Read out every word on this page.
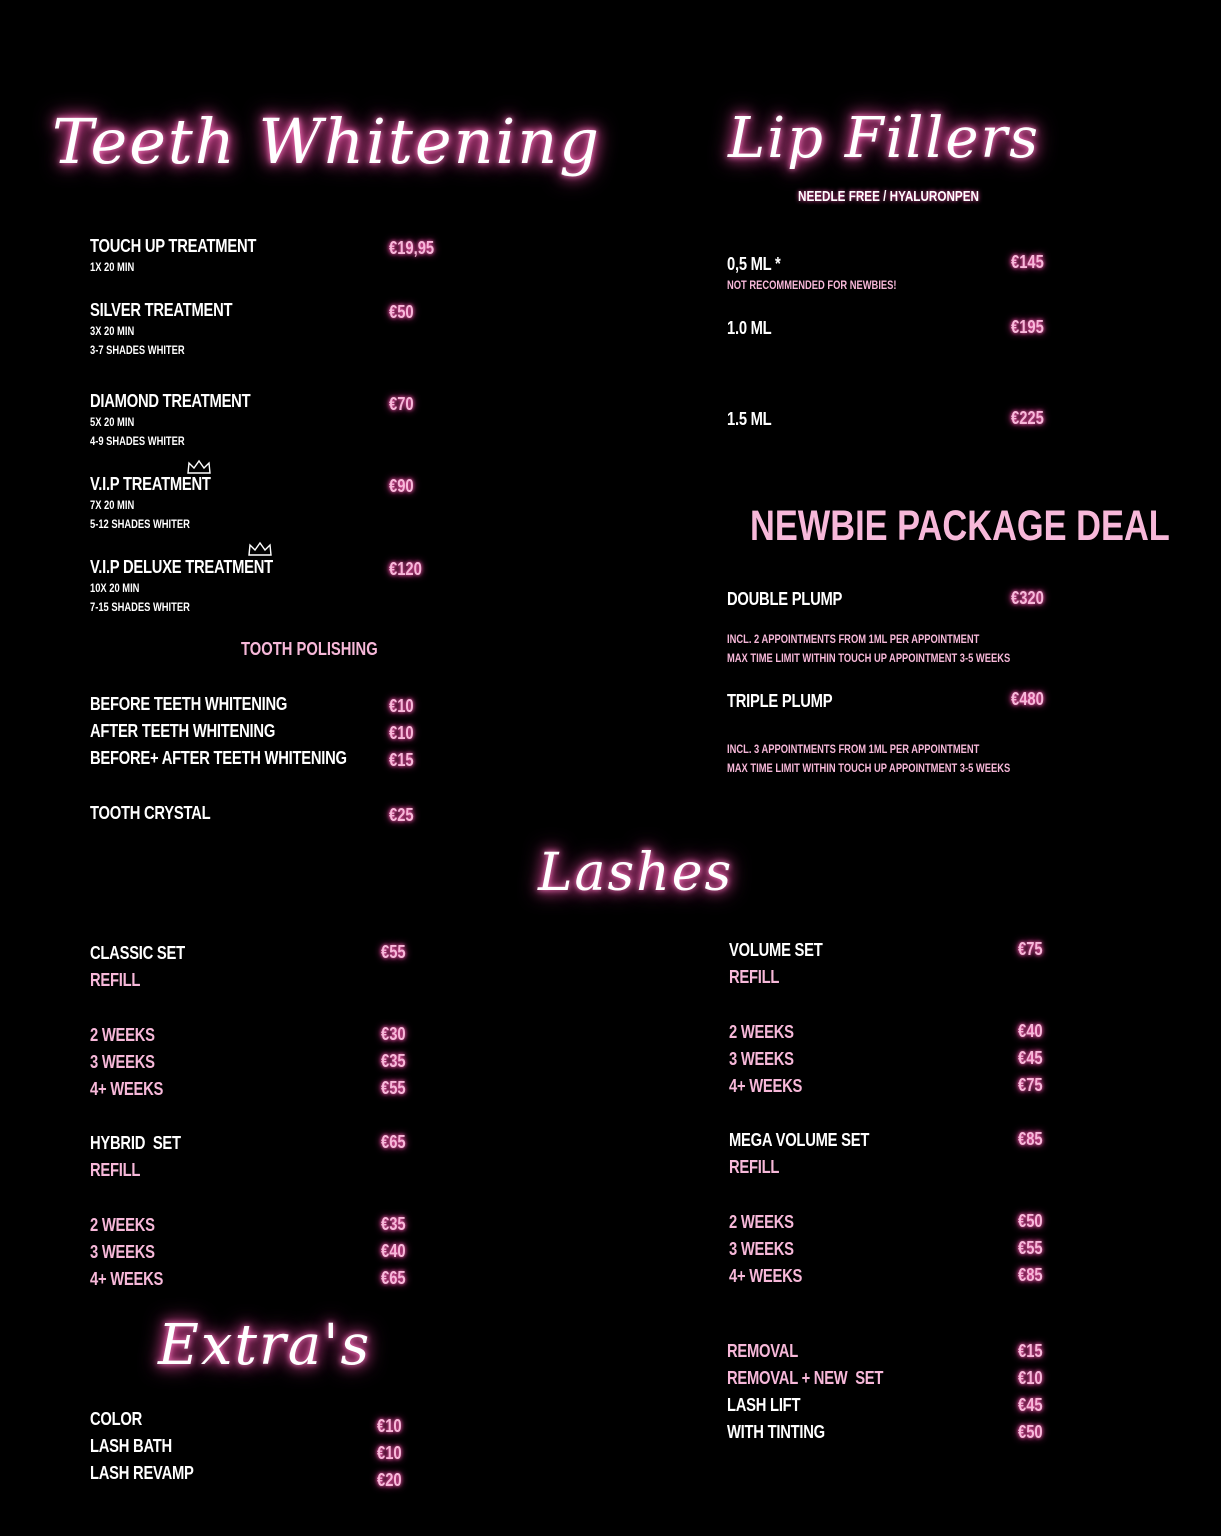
Teeth Whitening
TOUCH UP TREATMENT
1X 20 MIN
€19,95
SILVER TREATMENT
3X 20 MIN
3-7 SHADES WHITER
€50
DIAMOND TREATMENT
5X 20 MIN
4-9 SHADES WHITER
€70
V.I.P TREATMENT
7X 20 MIN
5-12 SHADES WHITER
€90
V.I.P DELUXE TREATMENT
10X 20 MIN
7-15 SHADES WHITER
€120
TOOTH POLISHING
BEFORE TEETH WHITENING	€10
AFTER TEETH WHITENING	€10
BEFORE+ AFTER TEETH WHITENING €15
TOOTH CRYSTAL	€25
Lip Fillers
NEEDLE FREE / HYALURONPEN
0,5 ML *
NOT RECOMMENDED FOR NEWBIES!
€145
1.0 ML	€195
1.5 ML	€225
NEWBIE PACKAGE DEAL
DOUBLE PLUMP	€320
INCL. 2 APPOINTMENTS FROM 1ML PER APPOINTMENT
MAX TIME LIMIT WITHIN TOUCH UP APPOINTMENT 3-5 WEEKS
TRIPLE PLUMP	€480
INCL. 3 APPOINTMENTS FROM 1ML PER APPOINTMENT
MAX TIME LIMIT WITHIN TOUCH UP APPOINTMENT 3-5 WEEKS
Lashes
CLASSIC SET	€55
REFILL
2 WEEKS	€30
3 WEEKS	€35
4+ WEEKS	€55
HYBRID  SET	€65
REFILL
2 WEEKS	€35
3 WEEKS	€40
4+ WEEKS	€65
VOLUME SET	€75
REFILL
2 WEEKS	€40
3 WEEKS	€45
4+ WEEKS	€75
MEGA VOLUME SET	€85
REFILL
2 WEEKS	€50
3 WEEKS	€55
4+ WEEKS	€85
REMOVAL	€15
REMOVAL + NEW  SET	€10
LASH LIFT	€45
WITH TINTING	€50
Extra's
COLOR	€10
LASH BATH	€10
LASH REVAMP	€20
